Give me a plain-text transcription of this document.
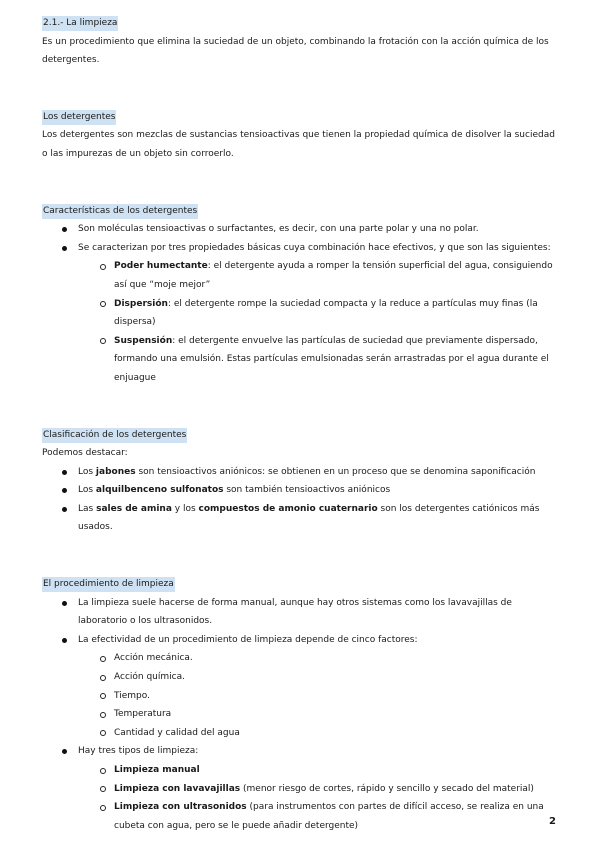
2.1.- La limpieza

Es un procedimiento que elimina la suciedad de un objeto, combinando la frotación con la acción química de los detergentes.

Los detergentes

Los detergentes son mezclas de sustancias tensioactivas que tienen la propiedad química de disolver la suciedad o las impurezas de un objeto sin corroerlo.

Características de los detergentes
Son moléculas tensioactivas o surfactantes, es decir, con una parte polar y una no polar.
Se caracterizan por tres propiedades básicas cuya combinación hace efectivos, y que son las siguientes:
Poder humectante: el detergente ayuda a romper la tensión superficial del agua, consiguiendo así que “moje mejor”
Dispersión: el detergente rompe la suciedad compacta y la reduce a partículas muy finas (la dispersa)
Suspensión: el detergente envuelve las partículas de suciedad que previamente dispersado, formando una emulsión. Estas partículas emulsionadas serán arrastradas por el agua durante el enjuague
Clasificación de los detergentes

Podemos destacar:

Los jabones son tensioactivos aniónicos: se obtienen en un proceso que se denomina saponificación
Los alquilbenceno sulfonatos son también tensioactivos aniónicos
Las sales de amina y los compuestos de amonio cuaternario son los detergentes catiónicos más usados.
El procedimiento de limpieza
La limpieza suele hacerse de forma manual, aunque hay otros sistemas como los lavavajillas de laboratorio o los ultrasonidos.
La efectividad de un procedimiento de limpieza depende de cinco factores:
Acción mecánica.
Acción química.
Tiempo.
Temperatura
Cantidad y calidad del agua
Hay tres tipos de limpieza:
Limpieza manual
Limpieza con lavavajillas (menor riesgo de cortes, rápido y sencillo y secado del material)
Limpieza con ultrasonidos (para instrumentos con partes de difícil acceso, se realiza en una cubeta con agua, pero se le puede añadir detergente)	2
